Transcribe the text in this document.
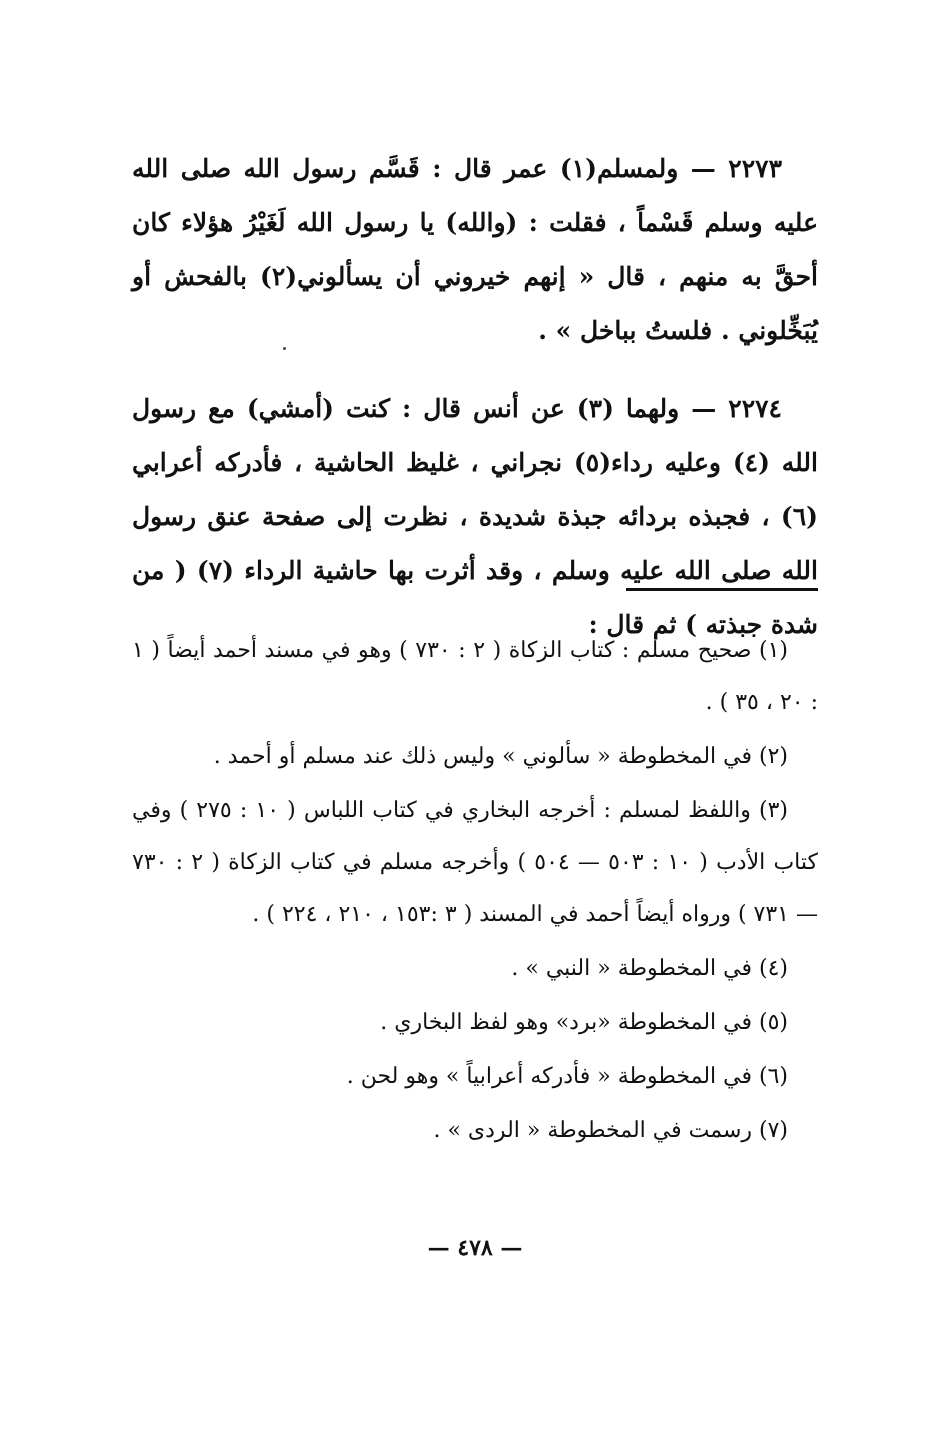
٢٢٧٣ — ولمسلم(١) عمر قال : قَسَّم رسول الله صلى الله عليه وسلم قَسْماً ، فقلت : (والله) يا رسول الله لَغَيْرُ هؤلاء كان أحقَّ به منهم ، قال « إنهم خيروني أن يسألوني(٢) بالفحش أو يُبَخِّلوني . فلستُ بباخل » .

٢٢٧٤ — ولهما (٣) عن أنس قال : كنت (أمشي) مع رسول الله (٤) وعليه رداء(٥) نجراني ، غليظ الحاشية ، فأدركه أعرابي (٦) ، فجبذه بردائه جبذة شديدة ، نظرت إلى صفحة عنق رسول الله صلى الله عليه وسلم ، وقد أثرت بها حاشية الرداء (٧) ( من شدة جبذته ) ثم قال :

(١) صحيح مسلم : كتاب الزكاة ( ٢ : ٧٣٠ ) وهو في مسند أحمد أيضاً ( ١ : ٢٠ ، ٣٥ ) .

(٢) في المخطوطة « سألوني » وليس ذلك عند مسلم أو أحمد .

(٣) واللفظ لمسلم : أخرجه البخاري في كتاب اللباس ( ١٠ : ٢٧٥ ) وفي كتاب الأدب ( ١٠ : ٥٠٣ — ٥٠٤ ) وأخرجه مسلم في كتاب الزكاة ( ٢ : ٧٣٠ — ٧٣١ ) ورواه أيضاً أحمد في المسند ( ٣ :١٥٣ ، ٢١٠ ، ٢٢٤ ) .

(٤) في المخطوطة « النبي » .

(٥) في المخطوطة «برد» وهو لفظ البخاري .

(٦) في المخطوطة « فأدركه أعرابياً » وهو لحن .

(٧) رسمت في المخطوطة « الردى » .

— ٤٧٨ —
